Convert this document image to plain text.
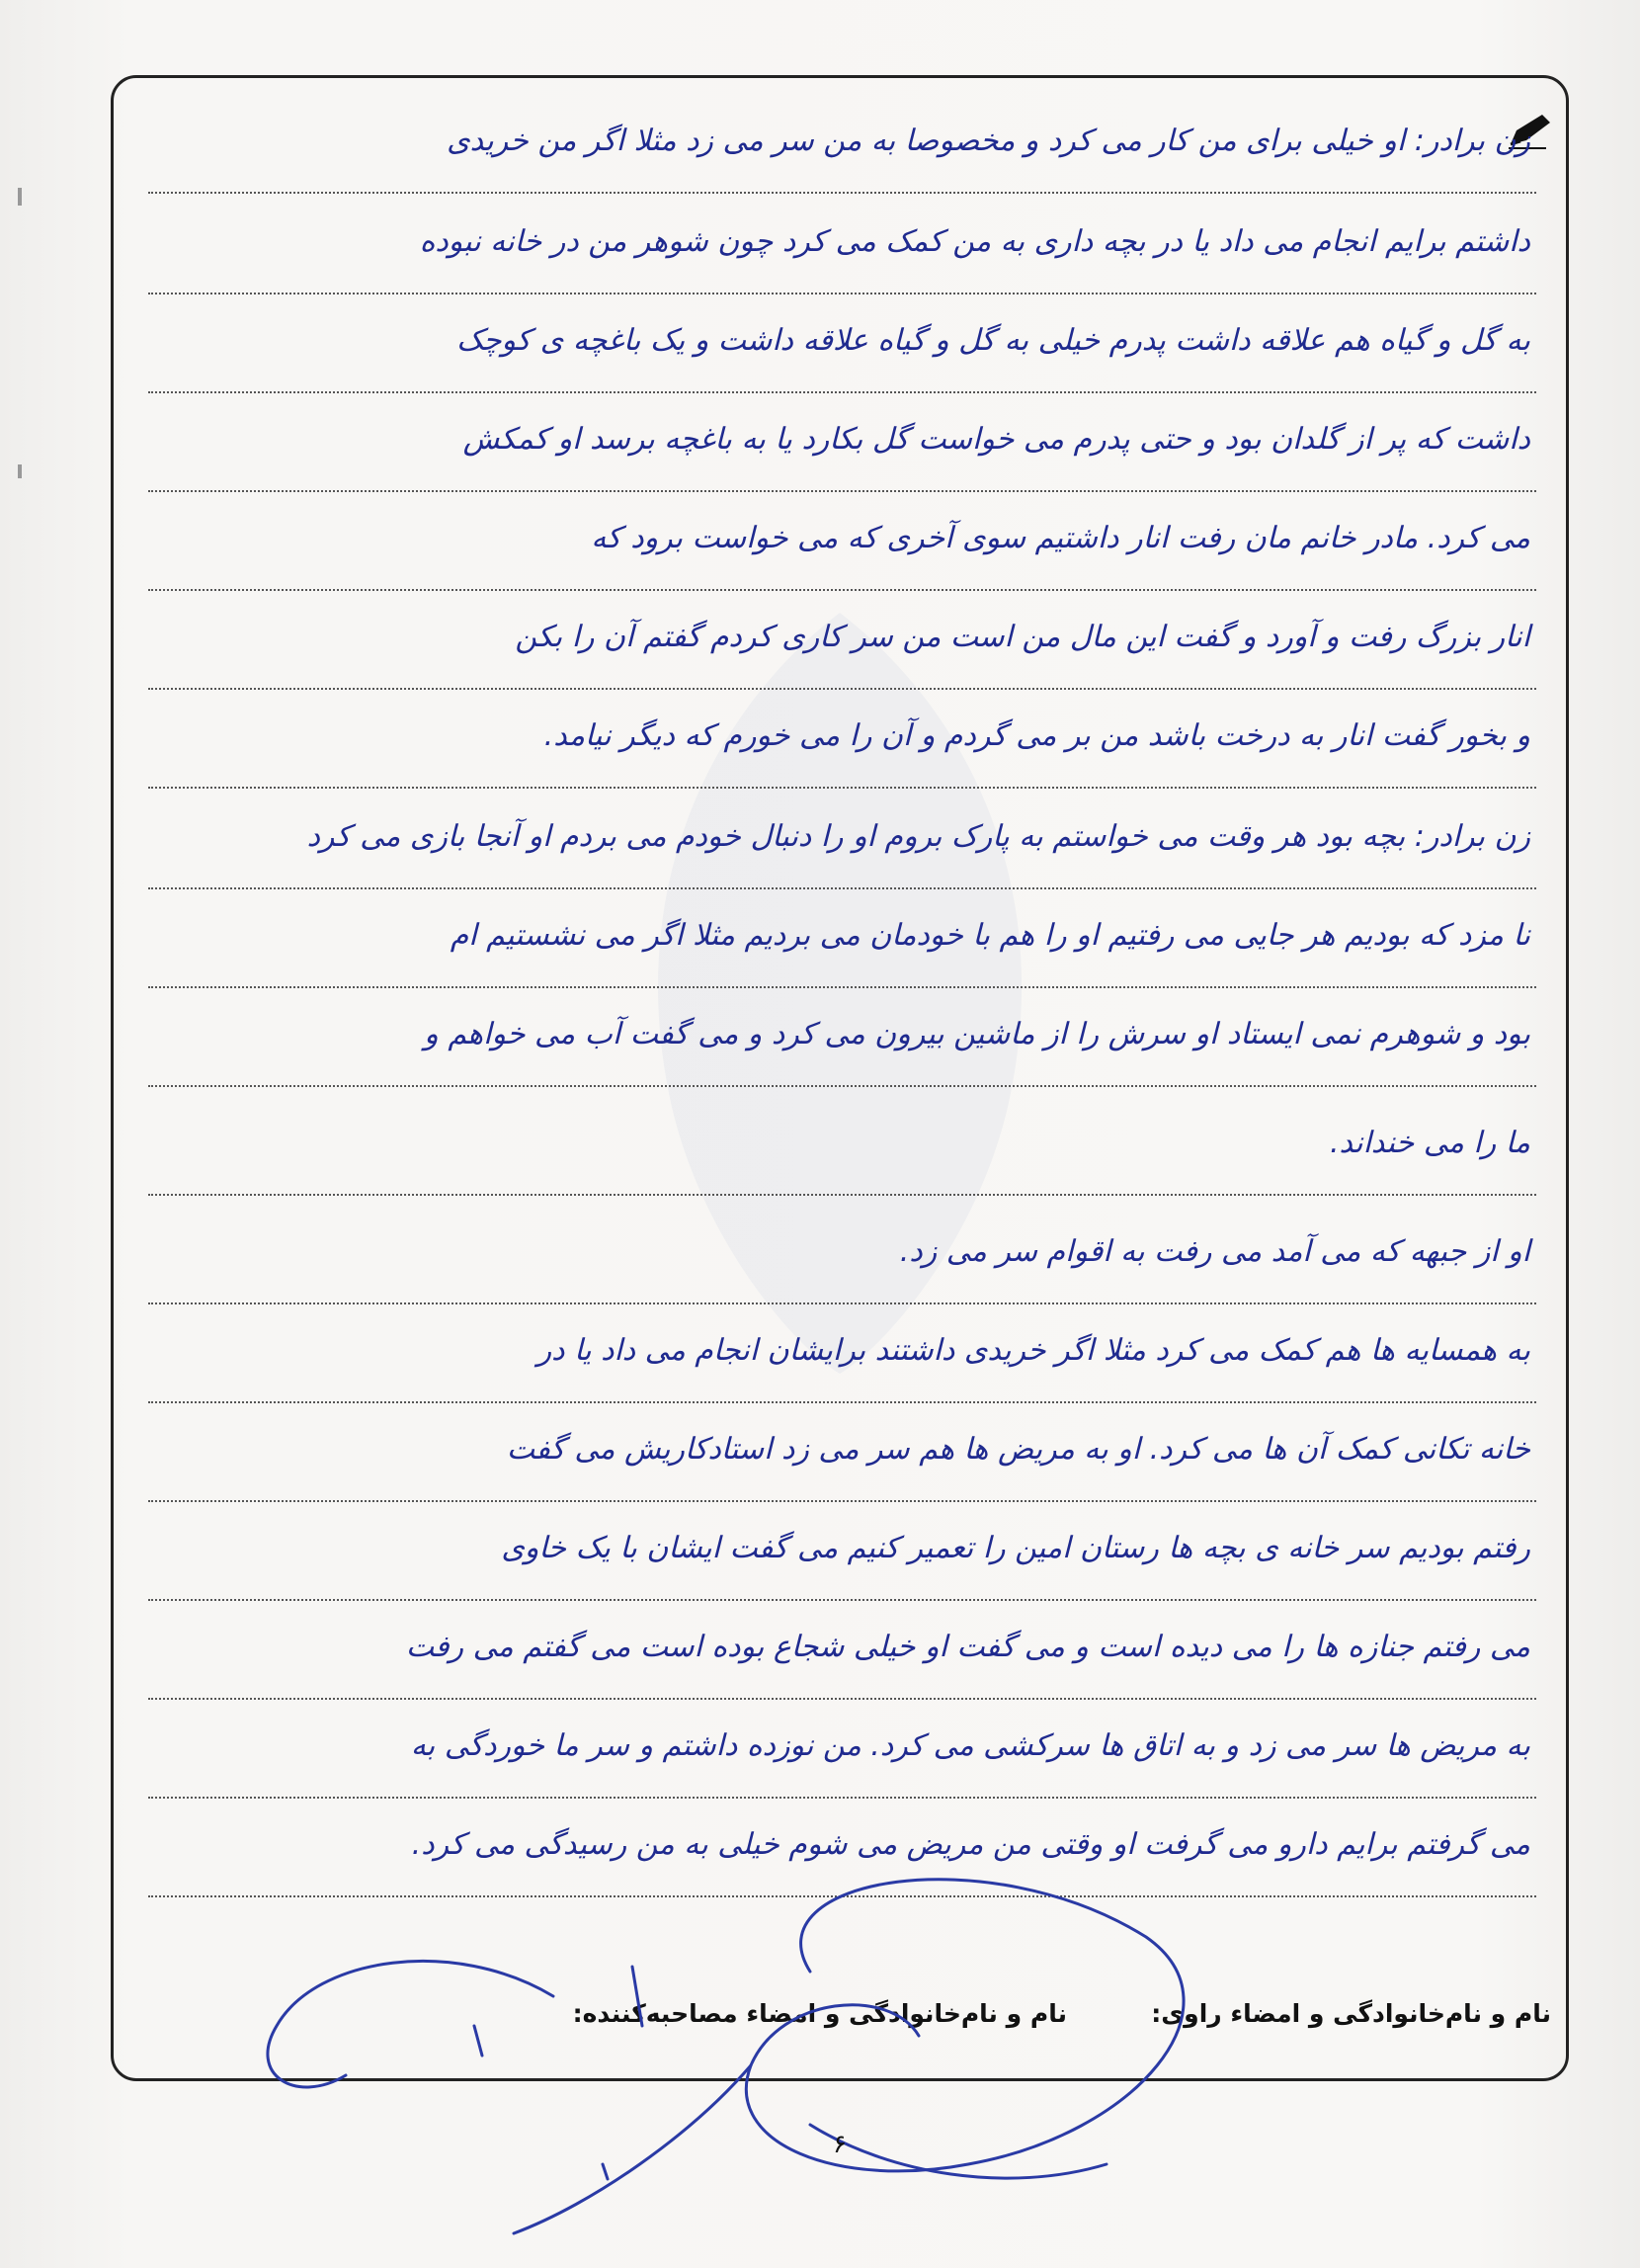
زن برادر: او خیلی برای من کار می کرد و مخصوصا به من سر می زد مثلا اگر من خریدی
داشتم برایم انجام می داد یا در بچه داری به من کمک می کرد چون شوهر من در خانه نبوده
به گل و گیاه هم علاقه داشت پدرم خیلی به گل و گیاه علاقه داشت و یک باغچه ی کوچک
داشت که پر از گلدان بود و حتی پدرم می خواست گل بکارد یا به باغچه برسد او کمکش
می کرد. مادر خانم مان رفت انار داشتیم سوی آخری که می خواست برود که
انار بزرگ رفت و آورد و گفت این مال من است من سر کاری کردم گفتم آن را بکن
و بخور گفت انار به درخت باشد من بر می گردم و آن را می خورم که دیگر نیامد.
زن برادر: بچه بود هر وقت می خواستم به پارک بروم او را دنبال خودم می بردم او آنجا بازی می کرد
نا مزد که بودیم هر جایی می رفتیم او را هم با خودمان می بردیم مثلا اگر می نشستیم ام
بود و شوهرم نمی ایستاد او سرش را از ماشین بیرون می کرد و می گفت آب می خواهم و
ما را می خنداند.
او از جبهه که می آمد می رفت به اقوام سر می زد.
به همسایه ها هم کمک می کرد مثلا اگر خریدی داشتند برایشان انجام می داد یا در
خانه تکانی کمک آن ها می کرد. او به مریض ها هم سر می زد استادکاریش می گفت
رفتم بودیم سر خانه ی بچه ها رستان امین را تعمیر کنیم می گفت ایشان با یک خاوی
می رفتم جنازه ها را می دیده است و می گفت او خیلی شجاع بوده است می گفتم می رفت
به مریض ها سر می زد و به اتاق ها سرکشی می کرد. من نوزده داشتم و سر ما خوردگی به
می گرفتم برایم دارو می گرفت او وقتی من مریض می شوم خیلی به من رسیدگی می کرد.
نام و نام‌خانوادگی و امضاء راوی:
نام و نام‌خانوادگی و امضاء مصاحبه‌کننده:
۶
